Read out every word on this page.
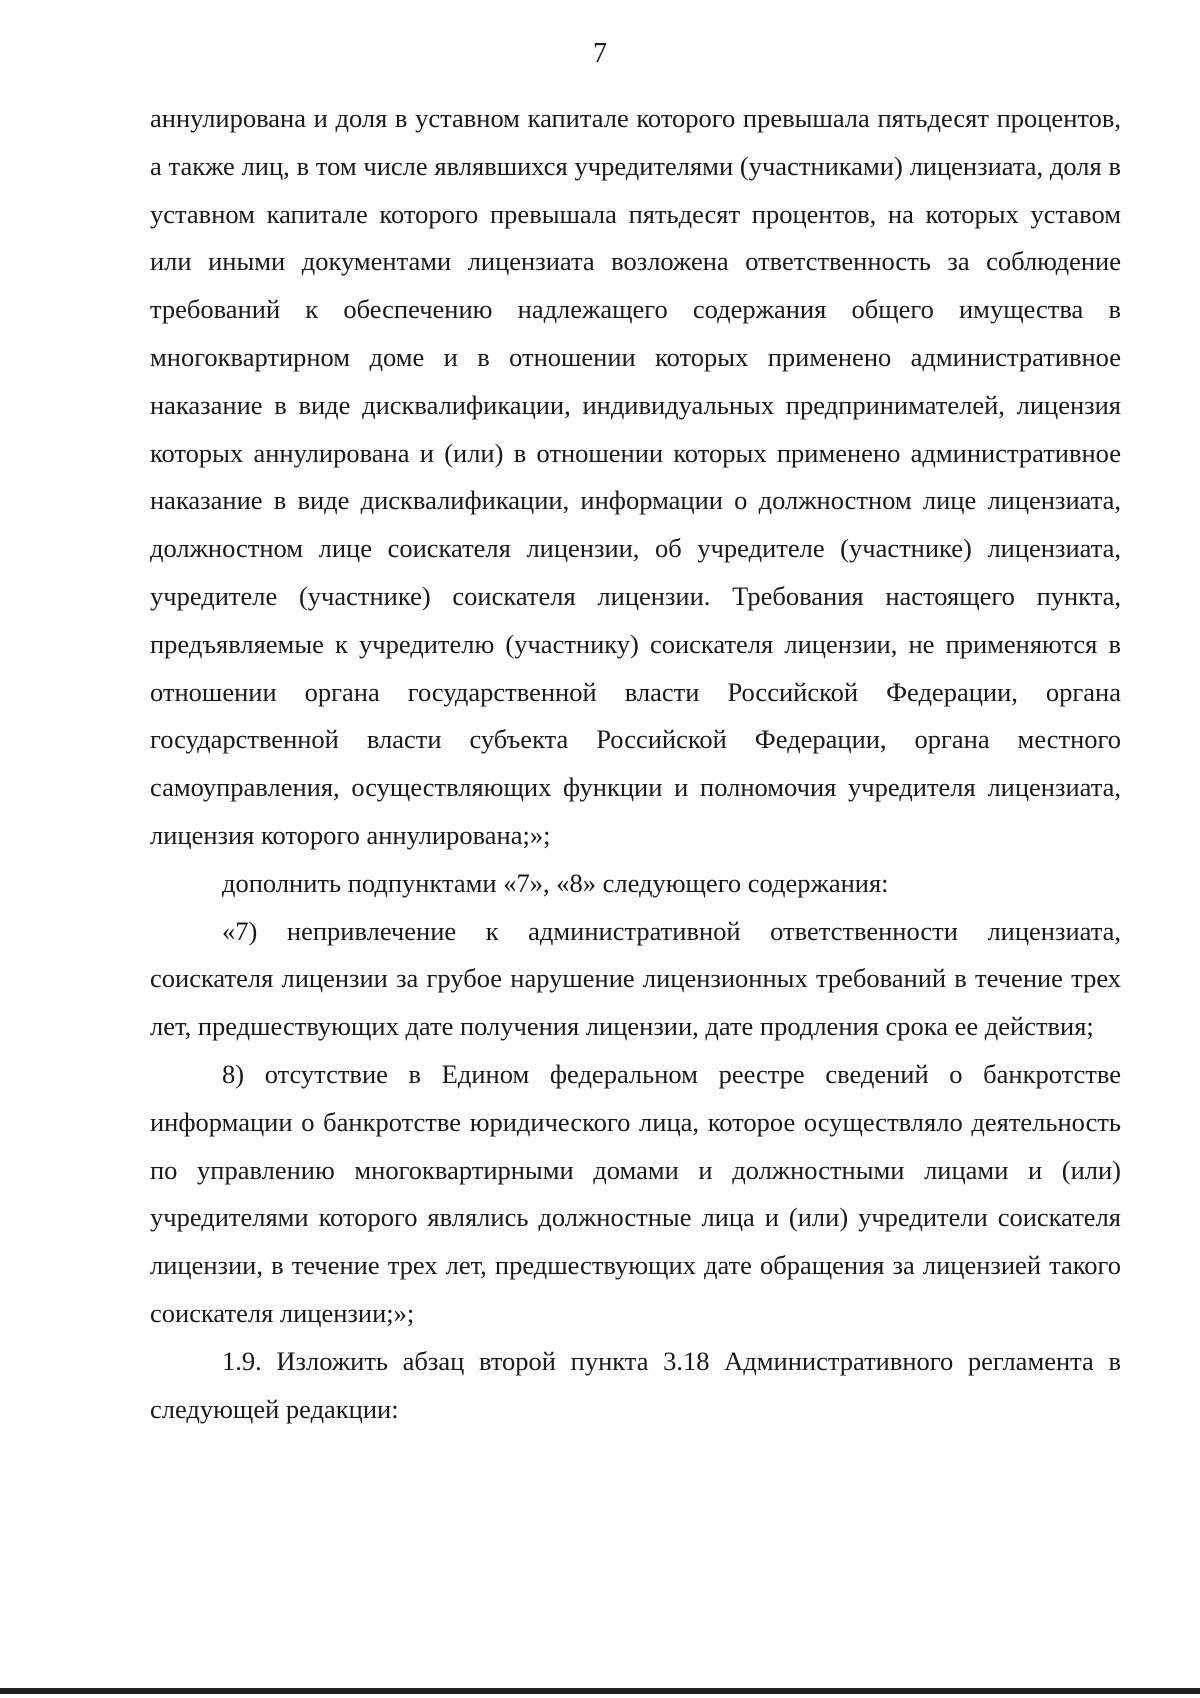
7

аннулирована и доля в уставном капитале которого превышала пятьдесят процентов, а также лиц, в том числе являвшихся учредителями (участниками) лицензиата, доля в уставном капитале которого превышала пятьдесят процентов, на которых уставом или иными документами лицензиата возложена ответственность за соблюдение требований к обеспечению надлежащего содержания общего имущества в многоквартирном доме и в отношении которых применено административное наказание в виде дисквалификации, индивидуальных предпринимателей, лицензия которых аннулирована и (или) в отношении которых применено административное наказание в виде дисквалификации, информации о должностном лице лицензиата, должностном лице соискателя лицензии, об учредителе (участнике) лицензиата, учредителе (участнике) соискателя лицензии. Требования настоящего пункта, предъявляемые к учредителю (участнику) соискателя лицензии, не применяются в отношении органа государственной власти Российской Федерации, органа государственной власти субъекта Российской Федерации, органа местного самоуправления, осуществляющих функции и полномочия учредителя лицензиата, лицензия которого аннулирована;»;

дополнить подпунктами «7», «8» следующего содержания:

«7) непривлечение к административной ответственности лицензиата, соискателя лицензии за грубое нарушение лицензионных требований в течение трех лет, предшествующих дате получения лицензии, дате продления срока ее действия;

8) отсутствие в Едином федеральном реестре сведений о банкротстве информации о банкротстве юридического лица, которое осуществляло деятельность по управлению многоквартирными домами и должностными лицами и (или) учредителями которого являлись должностные лица и (или) учредители соискателя лицензии, в течение трех лет, предшествующих дате обращения за лицензией такого соискателя лицензии;»;

1.9. Изложить абзац второй пункта 3.18 Административного регламента в следующей редакции:
